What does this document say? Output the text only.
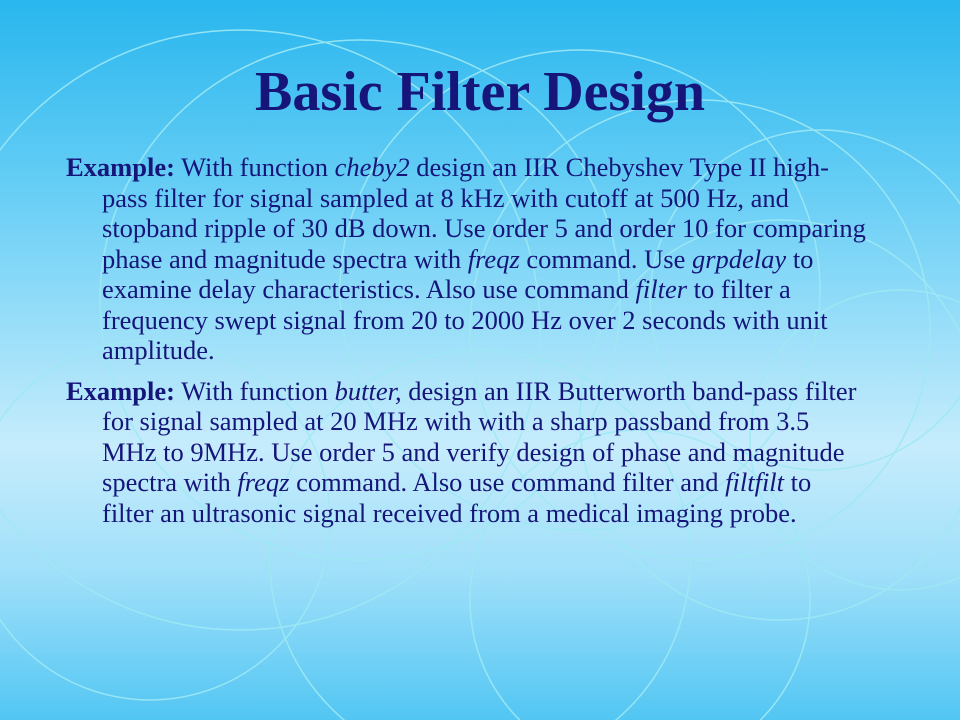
Basic Filter Design

Example: With function cheby2 design an IIR Chebyshev Type II high-pass filter for signal sampled at 8 kHz with cutoff at 500 Hz, and stopband ripple of 30 dB down. Use order 5 and order 10 for comparing phase and magnitude spectra with freqz command. Use grpdelay to examine delay characteristics. Also use command filter to filter a frequency swept signal from 20 to 2000 Hz over 2 seconds with unit amplitude.

Example: With function butter, design an IIR Butterworth band-pass filter for signal sampled at 20 MHz with with a sharp passband from 3.5 MHz to 9MHz. Use order 5 and verify design of phase and magnitude spectra with freqz command. Also use command filter and filtfilt to filter an ultrasonic signal received from a medical imaging probe.
